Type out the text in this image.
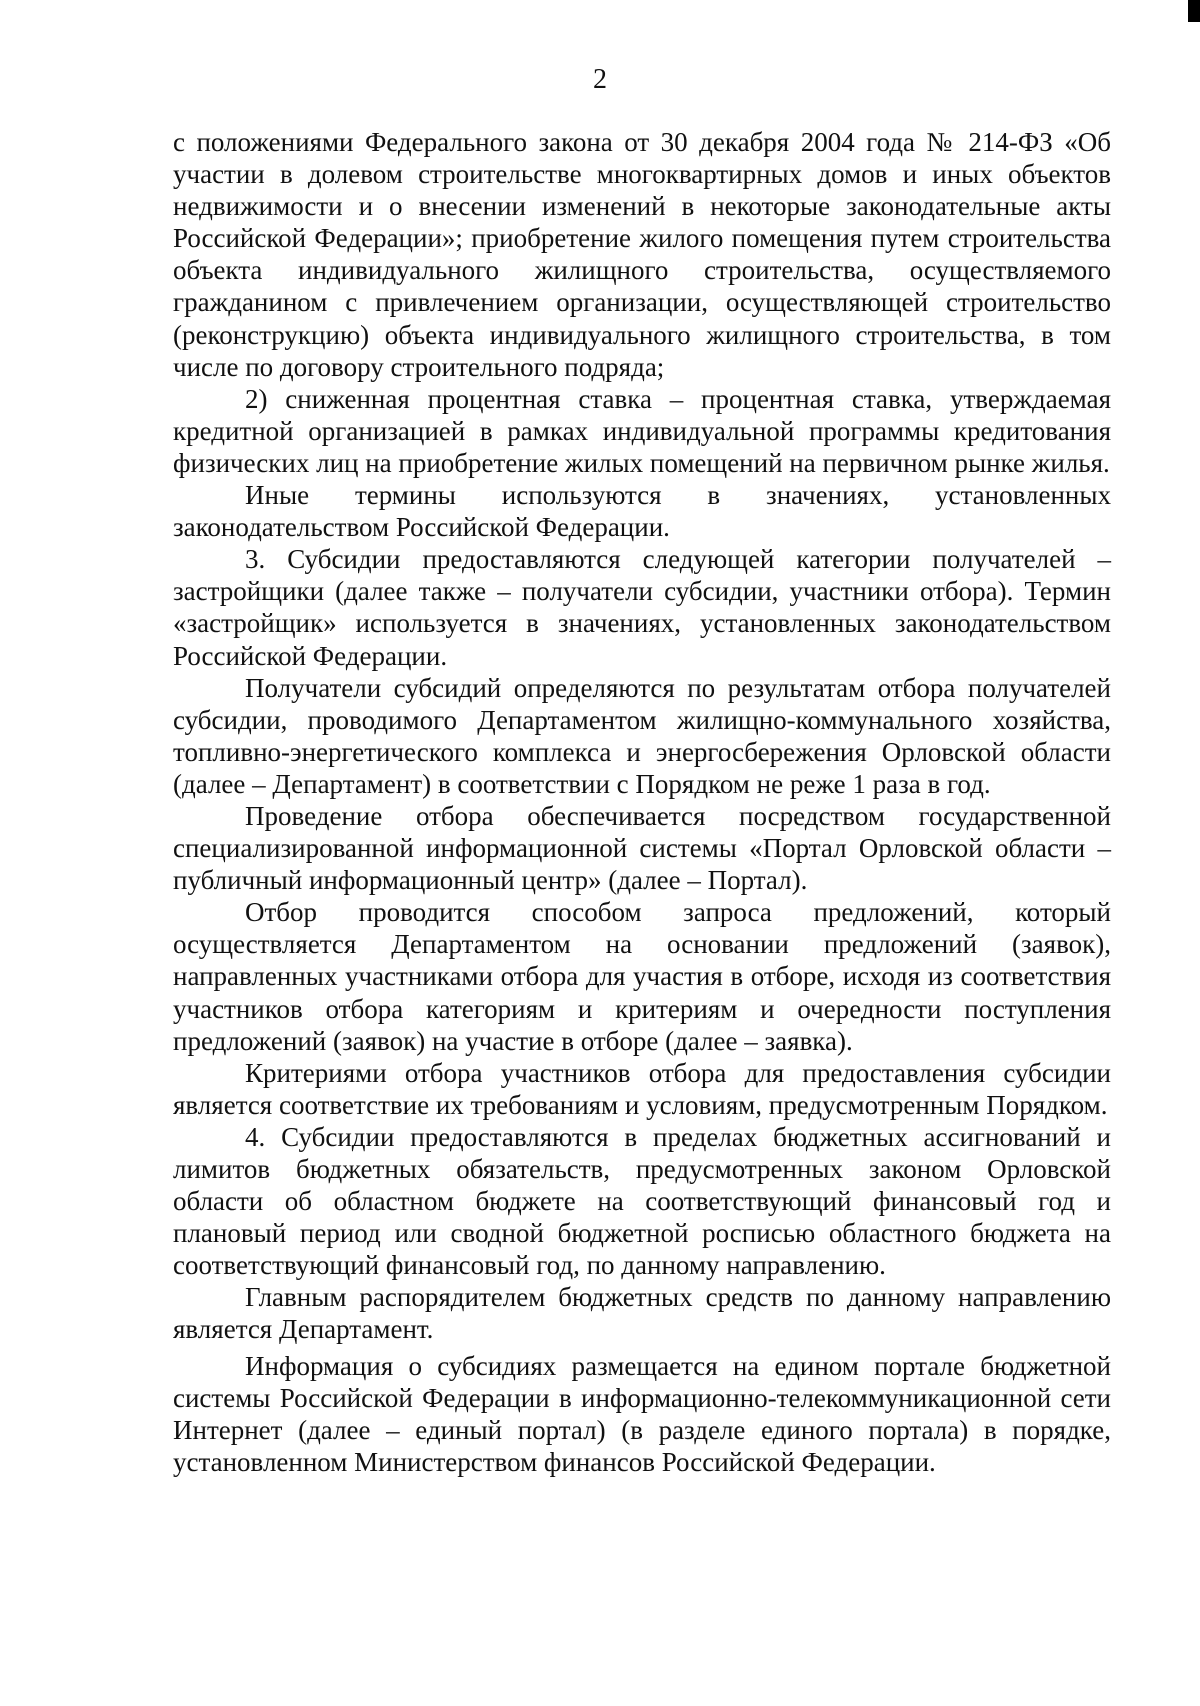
2

с положениями Федерального закона от 30 декабря 2004 года № 214-ФЗ «Об участии в долевом строительстве многоквартирных домов и иных объектов недвижимости и о внесении изменений в некоторые законодательные акты Российской Федерации»; приобретение жилого помещения путем строительства объекта индивидуального жилищного строительства, осуществляемого гражданином с привлечением организации, осуществляющей строительство (реконструкцию) объекта индивидуального жилищного строительства, в том числе по договору строительного подряда;

2) сниженная процентная ставка – процентная ставка, утверждаемая кредитной организацией в рамках индивидуальной программы кредитования физических лиц на приобретение жилых помещений на первичном рынке жилья.

Иные термины используются в значениях, установленных законодательством Российской Федерации.

3. Субсидии предоставляются следующей категории получателей – застройщики (далее также – получатели субсидии, участники отбора). Термин «застройщик» используется в значениях, установленных законодательством Российской Федерации.

Получатели субсидий определяются по результатам отбора получателей субсидии, проводимого Департаментом жилищно-коммунального хозяйства, топливно-энергетического комплекса и энергосбережения Орловской области (далее – Департамент) в соответствии с Порядком не реже 1 раза в год.

Проведение отбора обеспечивается посредством государственной специализированной информационной системы «Портал Орловской области – публичный информационный центр» (далее – Портал).

Отбор проводится способом запроса предложений, который осуществляется Департаментом на основании предложений (заявок), направленных участниками отбора для участия в отборе, исходя из соответствия участников отбора категориям и критериям и очередности поступления предложений (заявок) на участие в отборе (далее – заявка).

Критериями отбора участников отбора для предоставления субсидии является соответствие их требованиям и условиям, предусмотренным Порядком.

4. Субсидии предоставляются в пределах бюджетных ассигнований и лимитов бюджетных обязательств, предусмотренных законом Орловской области об областном бюджете на соответствующий финансовый год и плановый период или сводной бюджетной росписью областного бюджета на соответствующий финансовый год, по данному направлению.

Главным распорядителем бюджетных средств по данному направлению является Департамент.

Информация о субсидиях размещается на едином портале бюджетной системы Российской Федерации в информационно-телекоммуникационной сети Интернет (далее – единый портал) (в разделе единого портала) в порядке, установленном Министерством финансов Российской Федерации.
